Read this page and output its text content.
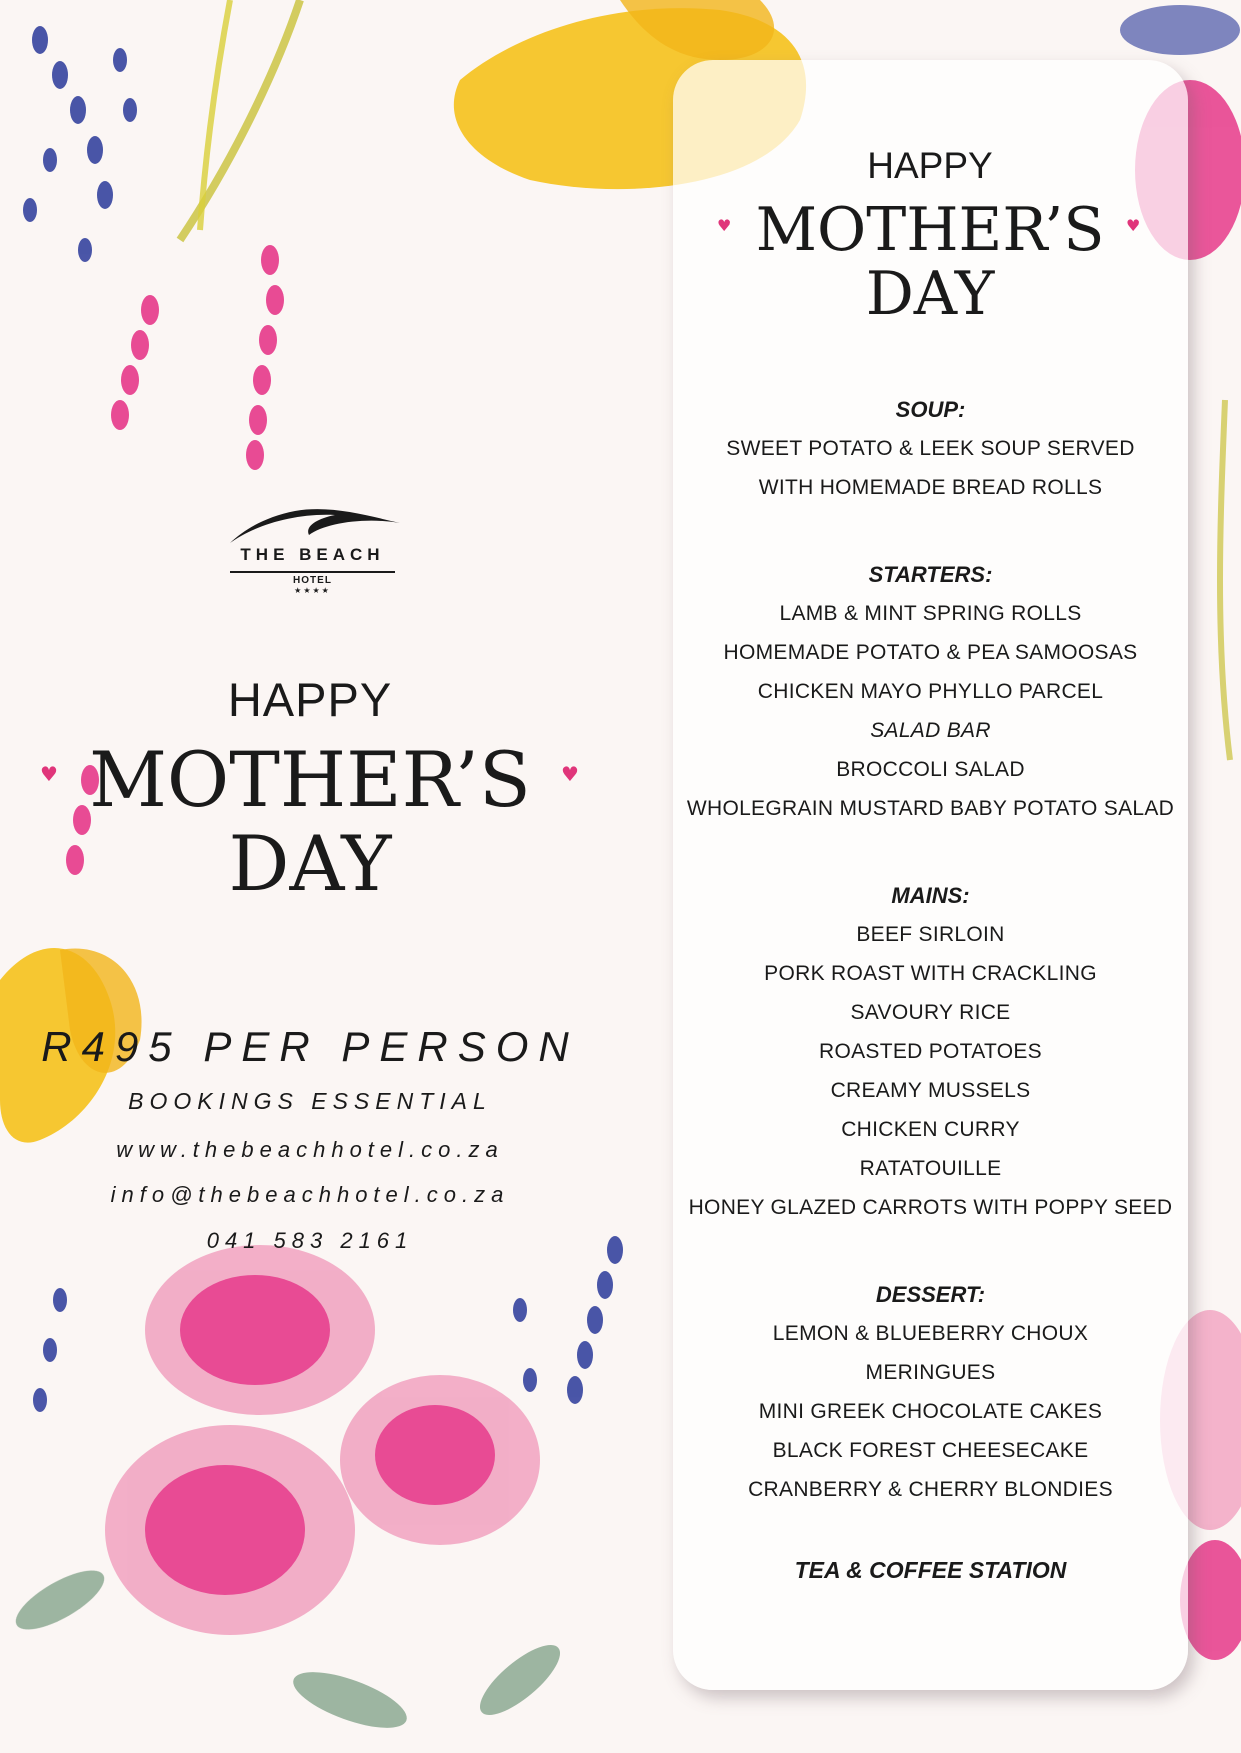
THE BEACH
HOTEL
★★★★
HAPPY
MOTHER’S
DAY
♥	♥
R495 PER PERSON
BOOKINGS ESSENTIAL
www.thebeachhotel.co.za
info@thebeachhotel.co.za
041 583 2161
HAPPY
MOTHER’S
DAY
♥	♥
SOUP:
SWEET POTATO & LEEK SOUP SERVED
WITH HOMEMADE BREAD ROLLS
STARTERS:
LAMB & MINT SPRING ROLLS
HOMEMADE POTATO & PEA SAMOOSAS
CHICKEN MAYO PHYLLO PARCEL
SALAD BAR
BROCCOLI SALAD
WHOLEGRAIN MUSTARD BABY POTATO SALAD
MAINS:
BEEF SIRLOIN
PORK ROAST WITH CRACKLING
SAVOURY RICE
ROASTED POTATOES
CREAMY MUSSELS
CHICKEN CURRY
RATATOUILLE
HONEY GLAZED CARROTS WITH POPPY SEED
DESSERT:
LEMON & BLUEBERRY CHOUX
MERINGUES
MINI GREEK CHOCOLATE CAKES
BLACK FOREST CHEESECAKE
CRANBERRY & CHERRY BLONDIES
TEA & COFFEE STATION
